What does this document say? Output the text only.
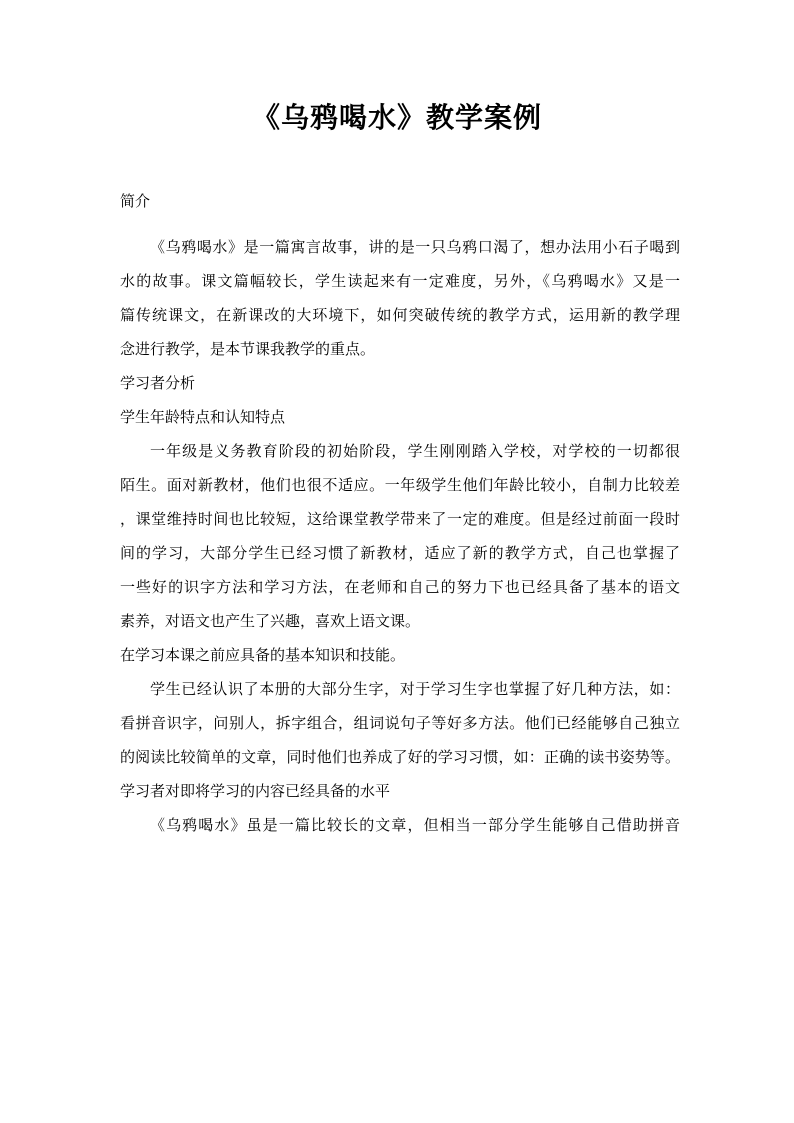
《乌鸦喝水》教学案例
简介
《乌鸦喝水》是一篇寓言故事，讲的是一只乌鸦口渴了，想办法用小石子喝到
水的故事。课文篇幅较长，学生读起来有一定难度，另外，《乌鸦喝水》又是一
篇传统课文，在新课改的大环境下，如何突破传统的教学方式，运用新的教学理
念进行教学，是本节课我教学的重点。
学习者分析
学生年龄特点和认知特点
一年级是义务教育阶段的初始阶段，学生刚刚踏入学校，对学校的一切都很
陌生。面对新教材，他们也很不适应。一年级学生他们年龄比较小，自制力比较差
，课堂维持时间也比较短，这给课堂教学带来了一定的难度。但是经过前面一段时
间的学习，大部分学生已经习惯了新教材，适应了新的教学方式，自己也掌握了
一些好的识字方法和学习方法，在老师和自己的努力下也已经具备了基本的语文
素养，对语文也产生了兴趣，喜欢上语文课。
在学习本课之前应具备的基本知识和技能。
学生已经认识了本册的大部分生字，对于学习生字也掌握了好几种方法，如：
看拼音识字，问别人，拆字组合，组词说句子等好多方法。他们已经能够自己独立
的阅读比较简单的文章，同时他们也养成了好的学习习惯，如：正确的读书姿势等。
学习者对即将学习的内容已经具备的水平
《乌鸦喝水》虽是一篇比较长的文章，但相当一部分学生能够自己借助拼音
